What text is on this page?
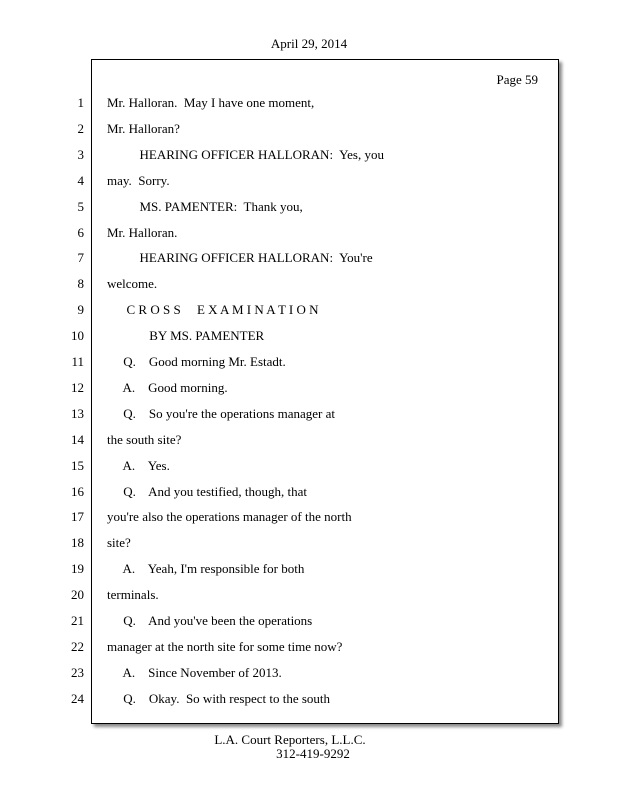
April 29, 2014
Page 59
1 Mr. Halloran.  May I have one moment,
2 Mr. Halloran?
3 HEARING OFFICER HALLORAN:  Yes, you
4 may.  Sorry.
5 MS. PAMENTER:  Thank you,
6 Mr. Halloran.
7 HEARING OFFICER HALLORAN:  You're
8 welcome.
9 C R O S S     E X A M I N A T I O N
10 BY MS. PAMENTER
11 Q.    Good morning Mr. Estadt.
12 A.    Good morning.
13 Q.    So you're the operations manager at
14 the south site?
15 A.    Yes.
16 Q.    And you testified, though, that
17 you're also the operations manager of the north
18 site?
19 A.    Yeah, I'm responsible for both
20 terminals.
21 Q.    And you've been the operations
22 manager at the north site for some time now?
23 A.    Since November of 2013.
24 Q.    Okay.  So with respect to the south
L.A. Court Reporters, L.L.C.
312-419-9292
